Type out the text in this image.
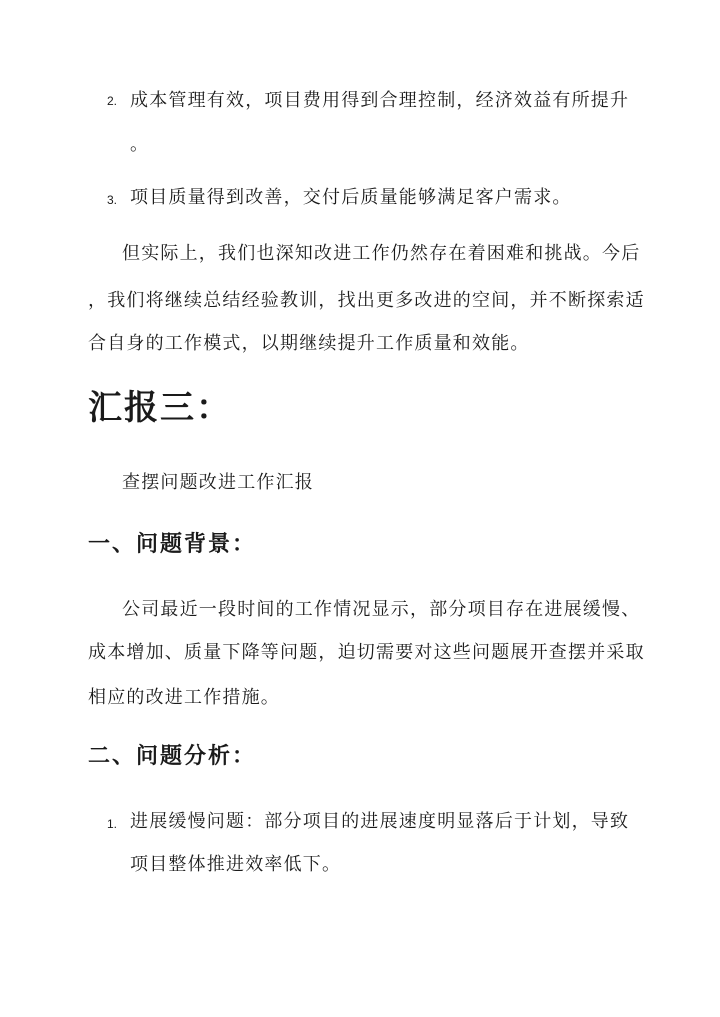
2. 成本管理有效，项目费用得到合理控制，经济效益有所提升
。
3. 项目质量得到改善，交付后质量能够满足客户需求。
但实际上，我们也深知改进工作仍然存在着困难和挑战。今后
，我们将继续总结经验教训，找出更多改进的空间，并不断探索适
合自身的工作模式，以期继续提升工作质量和效能。
汇报三：
查摆问题改进工作汇报
一、问题背景：
公司最近一段时间的工作情况显示，部分项目存在进展缓慢、
成本增加、质量下降等问题，迫切需要对这些问题展开查摆并采取
相应的改进工作措施。
二、问题分析：
1. 进展缓慢问题：部分项目的进展速度明显落后于计划，导致
项目整体推进效率低下。
